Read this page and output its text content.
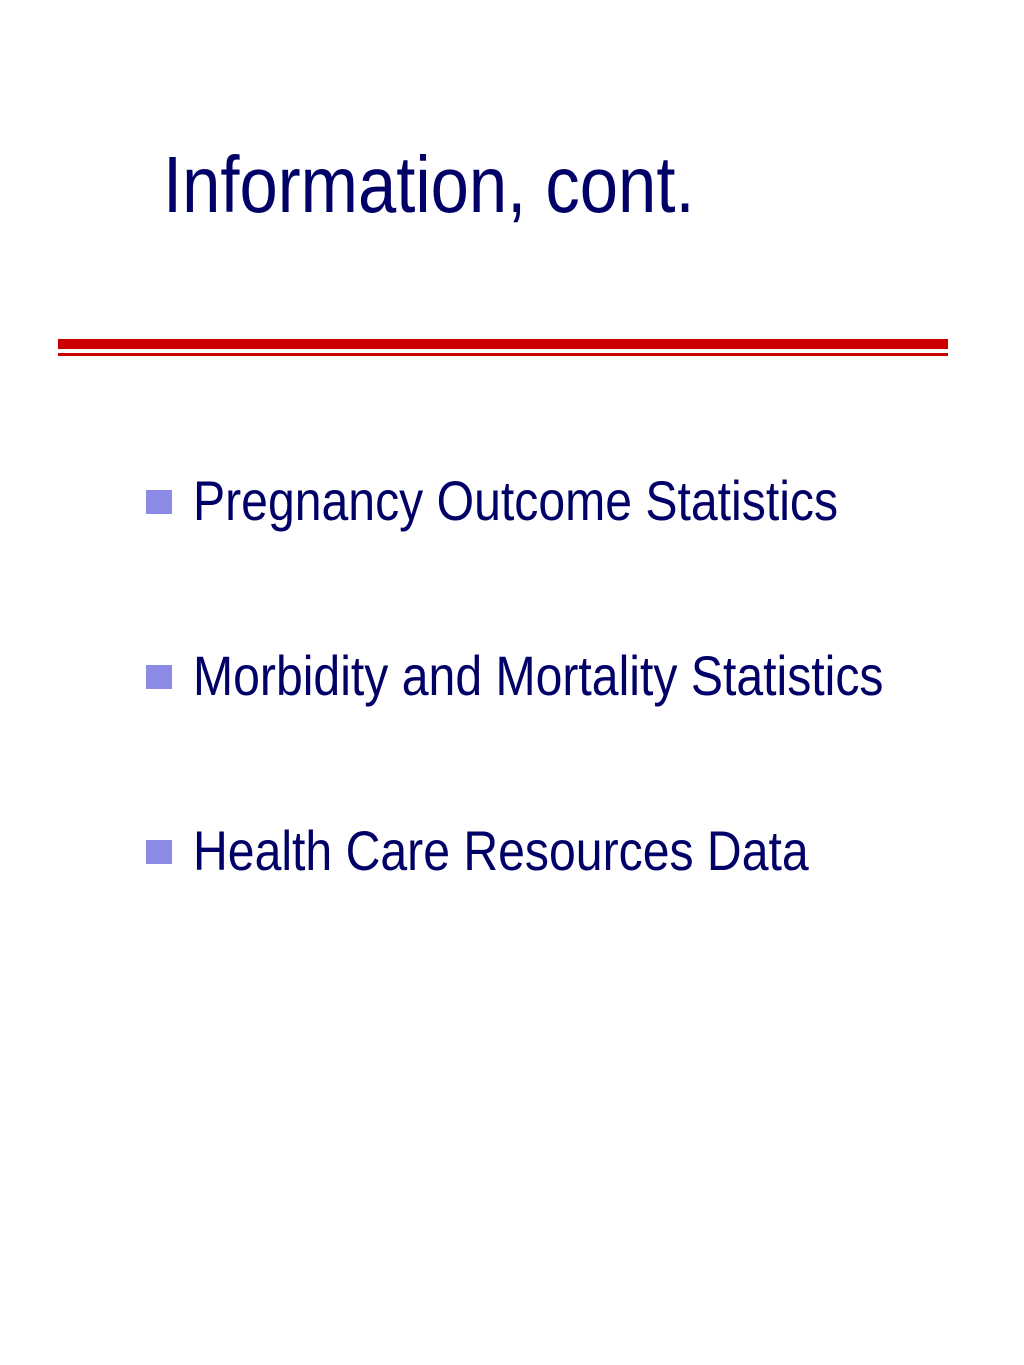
Information, cont.
Pregnancy Outcome Statistics
Morbidity and Mortality Statistics
Health Care Resources Data
